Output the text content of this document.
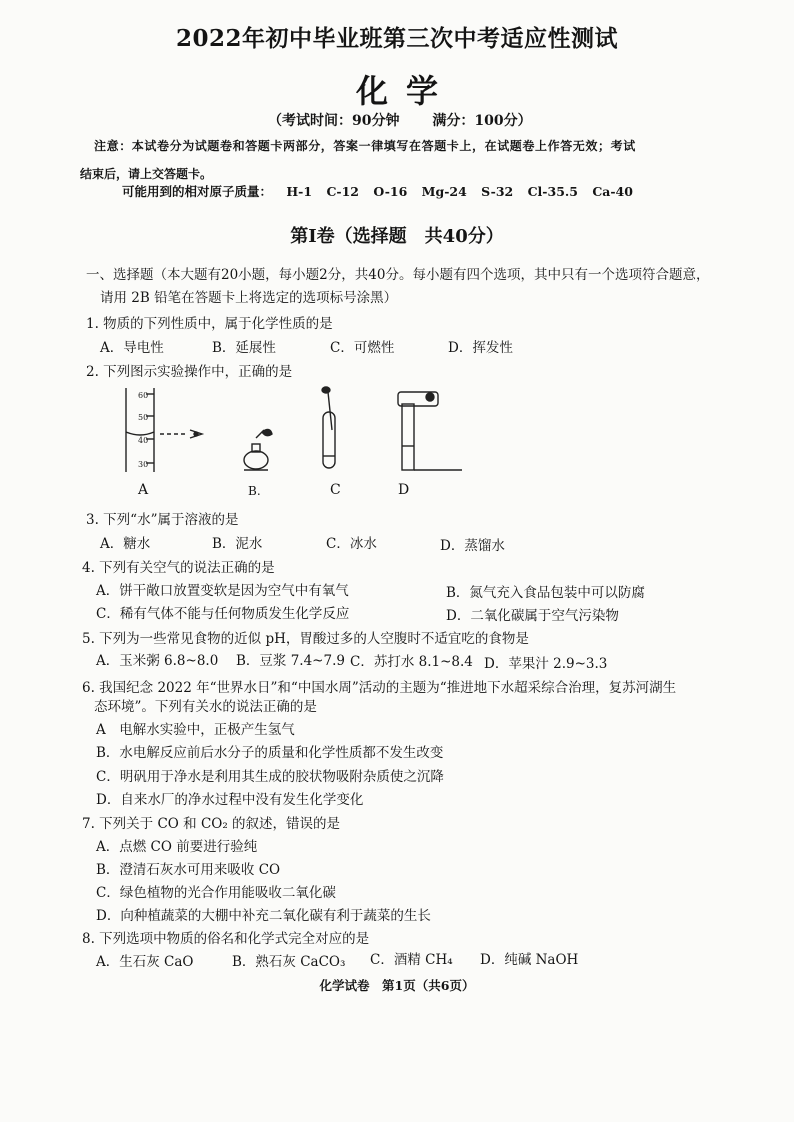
2022年初中毕业班第三次中考适应性测试
化学
（考试时间：90分钟 满分：100分）
注意：本试卷分为试题卷和答题卡两部分，答案一律填写在答题卡上，在试题卷上作答无效；考试
结束后，请上交答题卡。
可能用到的相对原子质量： H-1 C-12 O-16 Mg-24 S-32 Cl-35.5 Ca-40
第Ⅰ卷（选择题　共40分）
一、选择题（本大题有20小题，每小题2分，共40分。每小题有四个选项，其中只有一个选项符合题意，
请用 2B 铅笔在答题卡上将选定的选项标号涂黑）
1. 物质的下列性质中，属于化学性质的是
A．导电性	B．延展性	C．可燃性	D．挥发性
2. 下列图示实验操作中，正确的是
60
50
40
30
A	B.	C	D
3. 下列“水”属于溶液的是
A．糖水	B．泥水	C．冰水	D．蒸馏水
4. 下列有关空气的说法正确的是
A．饼干敞口放置变软是因为空气中有氧气	B．氮气充入食品包装中可以防腐
C．稀有气体不能与任何物质发生化学反应	D．二氧化碳属于空气污染物
5. 下列为一些常见食物的近似 pH，胃酸过多的人空腹时不适宜吃的食物是
A．玉米粥 6.8~8.0 B．豆浆 7.4~7.9 C．苏打水 8.1~8.4 D．苹果汁 2.9~3.3
6. 我国纪念 2022 年“世界水日”和“中国水周”活动的主题为“推进地下水超采综合治理，复苏河湖生
态环境”。下列有关水的说法正确的是
A　电解水实验中，正极产生氢气
B．水电解反应前后水分子的质量和化学性质都不发生改变
C．明矾用于净水是利用其生成的胶状物吸附杂质使之沉降
D．自来水厂的净水过程中没有发生化学变化
7. 下列关于 CO 和 CO₂ 的叙述，错误的是
A．点燃 CO 前要进行验纯
B．澄清石灰水可用来吸收 CO
C．绿色植物的光合作用能吸收二氧化碳
D．向种植蔬菜的大棚中补充二氧化碳有利于蔬菜的生长
8. 下列选项中物质的俗名和化学式完全对应的是
A．生石灰 CaO	B．熟石灰 CaCO₃ C．酒精 CH₄ D．纯碱 NaOH
化学试卷　第1页（共6页）
